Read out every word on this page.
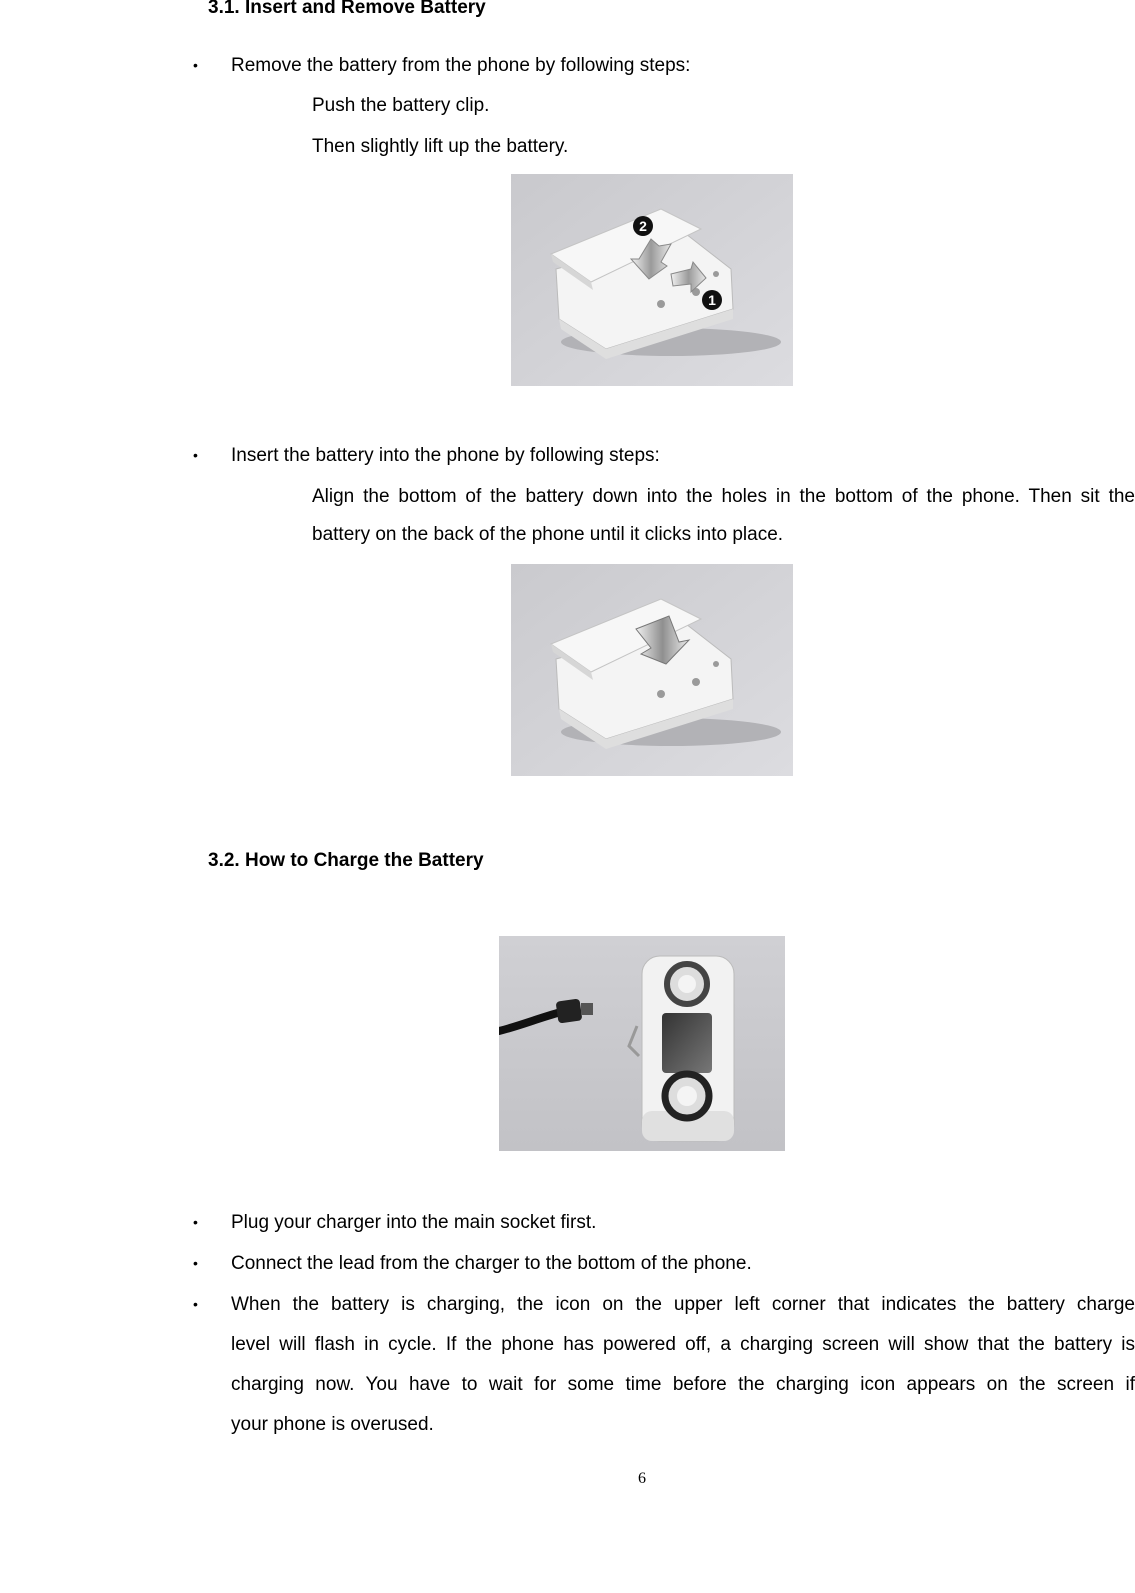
3.1. Insert and Remove Battery
• Remove the battery from the phone by following steps:
Push the battery clip.
Then slightly lift up the battery.
2
1
• Insert the battery into the phone by following steps:
Align the bottom of the battery down into the holes in the bottom of the phone. Then sit the
battery on the back of the phone until it clicks into place.
3.2. How to Charge the Battery
• Plug your charger into the main socket first.
• Connect the lead from the charger to the bottom of the phone.
• When the battery is charging, the icon on the upper left corner that indicates the battery charge
level will flash in cycle. If the phone has powered off, a charging screen will show that the battery is
charging now. You have to wait for some time before the charging icon appears on the screen if
your phone is overused.
6
